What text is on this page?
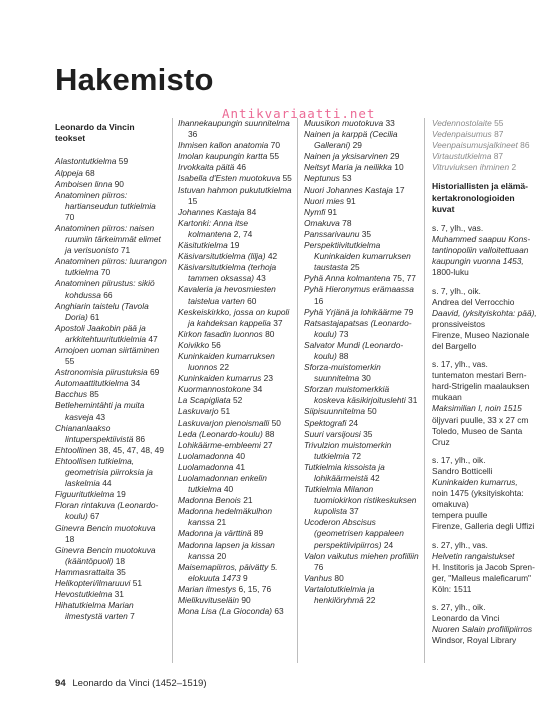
Hakemisto
Antikvariaatti.net

Leonardo da Vincin

teokset

Alastontutkielma 59

Alppeja 68

Amboisen linna 90

Anatominen piirros: hartianseudun tutkielmia 70

Anatominen piirros: naisen ruumiin tärkeimmät elimet ja verisuonisto 71

Anatominen piirros: luurangon tutkielma 70

Anatominen piirustus: sikiö kohdussa 66

Anghiarin taistelu (Tavola Doria) 61

Apostoli Jaakobin pää ja arkkitehtuuritutkielmia 47

Arnojoen uoman siirtäminen 55

Astronomisia piirustuksia 69

Automaattitutkielma 34

Bacchus 85

Betlehemintähti ja muita kasveja 43

Chiananlaakso lintuperspektiivistä 86

Ehtoollinen 38, 45, 47, 48, 49

Ehtoollisen tutkielma, geometrisia piirroksia ja laskelmia 44

Figuuritutkielma 19

Floran rintakuva (Leonardo-koulu) 67

Ginevra Bencin muotokuva 18

Ginevra Bencin muotokuva (kääntöpuoli) 18

Hammasrattaita 35

Helikopteri/ilmaruuvi 51

Hevostutkielma 31

Hihatutkielma Marian ilmestystä varten 7

Ihannekaupungin suunnitelma 36

Ihmisen kallon anatomia 70

Imolan kaupungin kartta 55

Irvokkaita päitä 46

Isabella d'Esten muotokuva 55

Istuvan hahmon pukututkielma 15

Johannes Kastaja 84

Kartonki: Anna itse kolmantena 2, 74

Käsitutkielma 19

Käsivarsitutkielma (lilja) 42

Käsivarsitutkielma (terhoja tammen oksassa) 43

Kavaleria ja hevosmiesten taistelua varten 60

Keskeiskirkko, jossa on kupoli ja kahdeksan kappelia 37

Kirkon fasadin luonnos 80

Koivikko 56

Kuninkaiden kumarruksen luonnos 22

Kuninkaiden kumarrus 23

Kuormannostokone 34

La Scapigliata 52

Laskuvarjo 51

Laskuvarjon pienoismalli 50

Leda (Leonardo-koulu) 88

Lohikäärme-embleemi 27

Luolamadonna 40

Luolamadonna 41

Luolamadonnan enkelin tutkielma 40

Madonna Benois 21

Madonna hedelmäkulhon kanssa 21

Madonna ja värttinä 89

Madonna lapsen ja kissan kanssa 20

Maisemapiirros, päivätty 5. elokuuta 1473 9

Marian ilmestys 6, 15, 76

Mielikuvituseläin 90

Mona Lisa (La Gioconda) 63

Muusikon muotokuva 33

Nainen ja karppä (Cecilia Gallerani) 29

Nainen ja yksisarvinen 29

Neitsyt Maria ja neilikka 10

Neptunus 53

Nuori Johannes Kastaja 17

Nuori mies 91

Nymfi 91

Omakuva 78

Panssarivaunu 35

Perspektiivitutkielma Kuninkaiden kumarruksen taustasta 25

Pyhä Anna kolmantena 75, 77

Pyhä Hieronymus erämaassa 16

Pyhä Yrjänä ja lohikäärme 79

Ratsastajapatsas (Leonardo-koulu) 73

Salvator Mundi (Leonardo-koulu) 88

Sforza-muistomerkin suunnitelma 30

Sforzan muistomerkkiä koskeva käsikirjoituslehti 31

Siipisuunnitelma 50

Spektografi 24

Suuri varsijousi 35

Trivulzion muistomerkin tutkielmia 72

Tutkielmia kissoista ja lohikäärmeistä 42

Tutkielmia Milanon tuomiokirkon ristikeskuksen kupolista 37

Ucoderon Abscisus (geometrisen kappaleen perspektiivipiirros) 24

Valon vaikutus miehen profiiliin 76

Vanhus 80

Vartalotutkielmia ja henkilöryhmä 22

Vedennostolaite 55

Vedenpaisumus 87

Veenpaisumusjalkineet 86

Virtaustutkielma 87

Vitruviuksen ihminen 2

Historiallisten ja elämä-

kertakronologioiden

kuvat

s. 7, ylh., vas.

Muhammed saapuu Kons-

tantinopoliin valloitettuaan

kaupungin vuonna 1453,

1800-luku

s. 7, ylh., oik.

Andrea del Verrocchio

Daavid, (yksityiskohta: pää),

pronssiveistos

Firenze, Museo Nazionale

del Bargello

s. 17, ylh., vas.

tuntematon mestari Bern-

hard-Strigelin maalauksen

mukaan

Maksimilian I, noin 1515

öljyvari puulle, 33 x 27 cm

Toledo, Museo de Santa

Cruz

s. 17, ylh., oik.

Sandro Botticelli

Kuninkaiden kumarrus,

noin 1475 (yksityiskohta:

omakuva)

tempera puulle

Firenze, Galleria degli Uffizi

s. 27, ylh., vas.

Helvetin rangaistukset

H. Institoris ja Jacob Spren-

ger, "Malleus maleficarum"

Köln: 1511

s. 27, ylh., oik.

Leonardo da Vinci

Nuoren Salain profiilipiirros

Windsor, Royal Library

94 Leonardo da Vinci (1452–1519)
